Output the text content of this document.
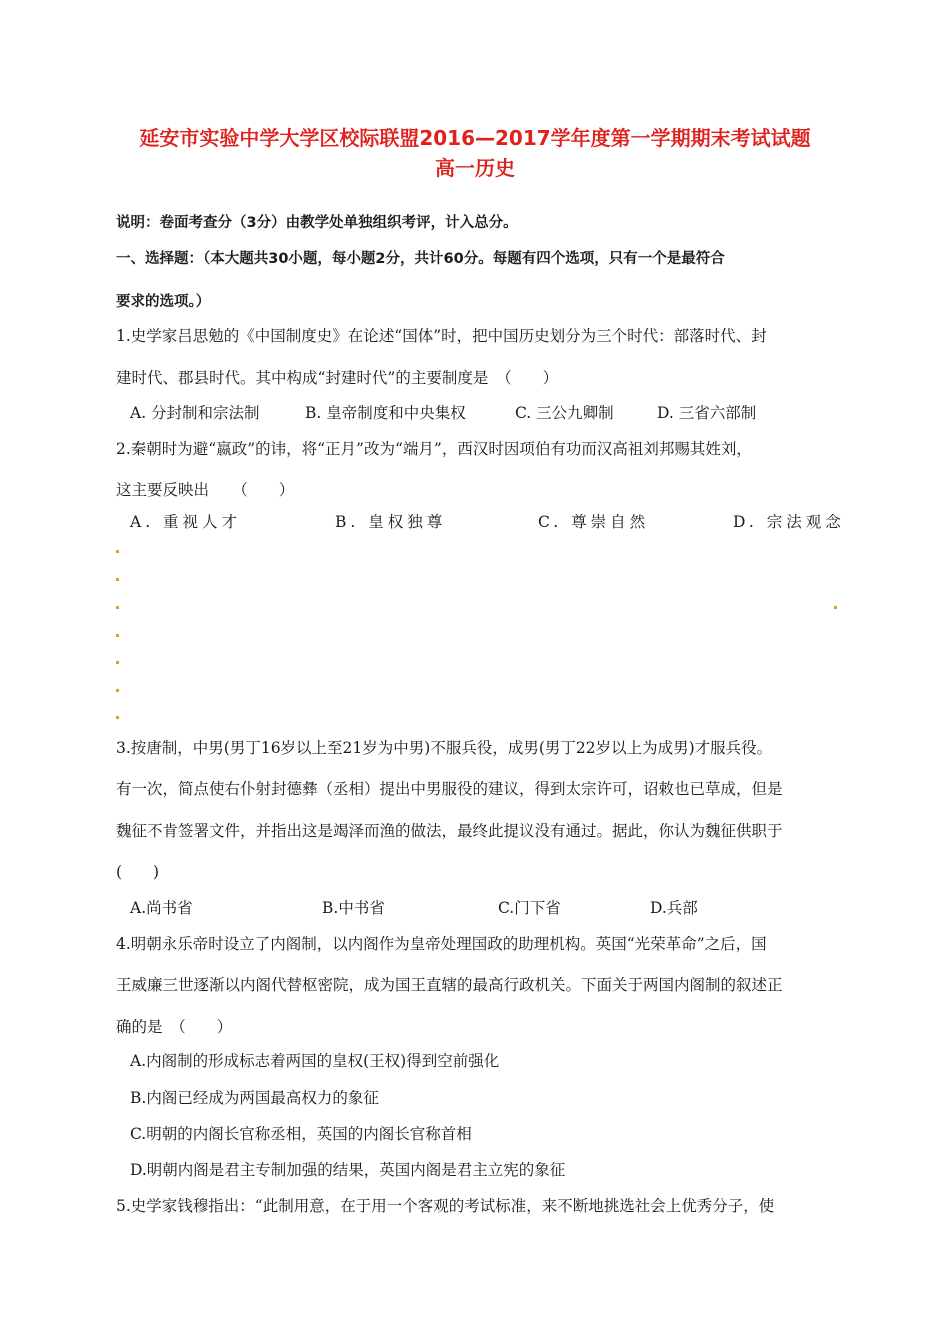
延安市实验中学大学区校际联盟2016—2017学年度第一学期期末考试试题
高一历史
说明：卷面考查分（3分）由教学处单独组织考评，计入总分。
一、选择题：（本大题共30小题，每小题2分，共计60分。每题有四个选项，只有一个是最符合
要求的选项。）
1.史学家吕思勉的《中国制度史》在论述“国体”时，把中国历史划分为三个时代：部落时代、封
建时代、郡县时代。其中构成“封建时代”的主要制度是　（　　）
A. 分封制和宗法制	B. 皇帝制度和中央集权	C. 三公九卿制	D. 三省六部制
2.秦朝时为避“嬴政”的讳，将“正月”改为“端月”，西汉时因项伯有功而汉高祖刘邦赐其姓刘，
这主要反映出　　（　　）
A. 重视人才	B. 皇权独尊	C. 尊崇自然	D. 宗法观念
3.按唐制，中男(男丁16岁以上至21岁为中男)不服兵役，成男(男丁22岁以上为成男)才服兵役。
有一次，简点使右仆射封德彝（丞相）提出中男服役的建议，得到太宗许可，诏敕也已草成，但是
魏征不肯签署文件，并指出这是竭泽而渔的做法，最终此提议没有通过。据此，你认为魏征供职于
(　　)
A.尚书省	B.中书省	C.门下省	D.兵部
4.明朝永乐帝时设立了内阁制，以内阁作为皇帝处理国政的助理机构。英国“光荣革命”之后，国
王威廉三世逐渐以内阁代替枢密院，成为国王直辖的最高行政机关。下面关于两国内阁制的叙述正
确的是　（　　）
A.内阁制的形成标志着两国的皇权(王权)得到空前强化
B.内阁已经成为两国最高权力的象征
C.明朝的内阁长官称丞相，英国的内阁长官称首相
D.明朝内阁是君主专制加强的结果，英国内阁是君主立宪的象征
5.史学家钱穆指出：“此制用意，在于用一个客观的考试标准，来不断地挑选社会上优秀分子，使
